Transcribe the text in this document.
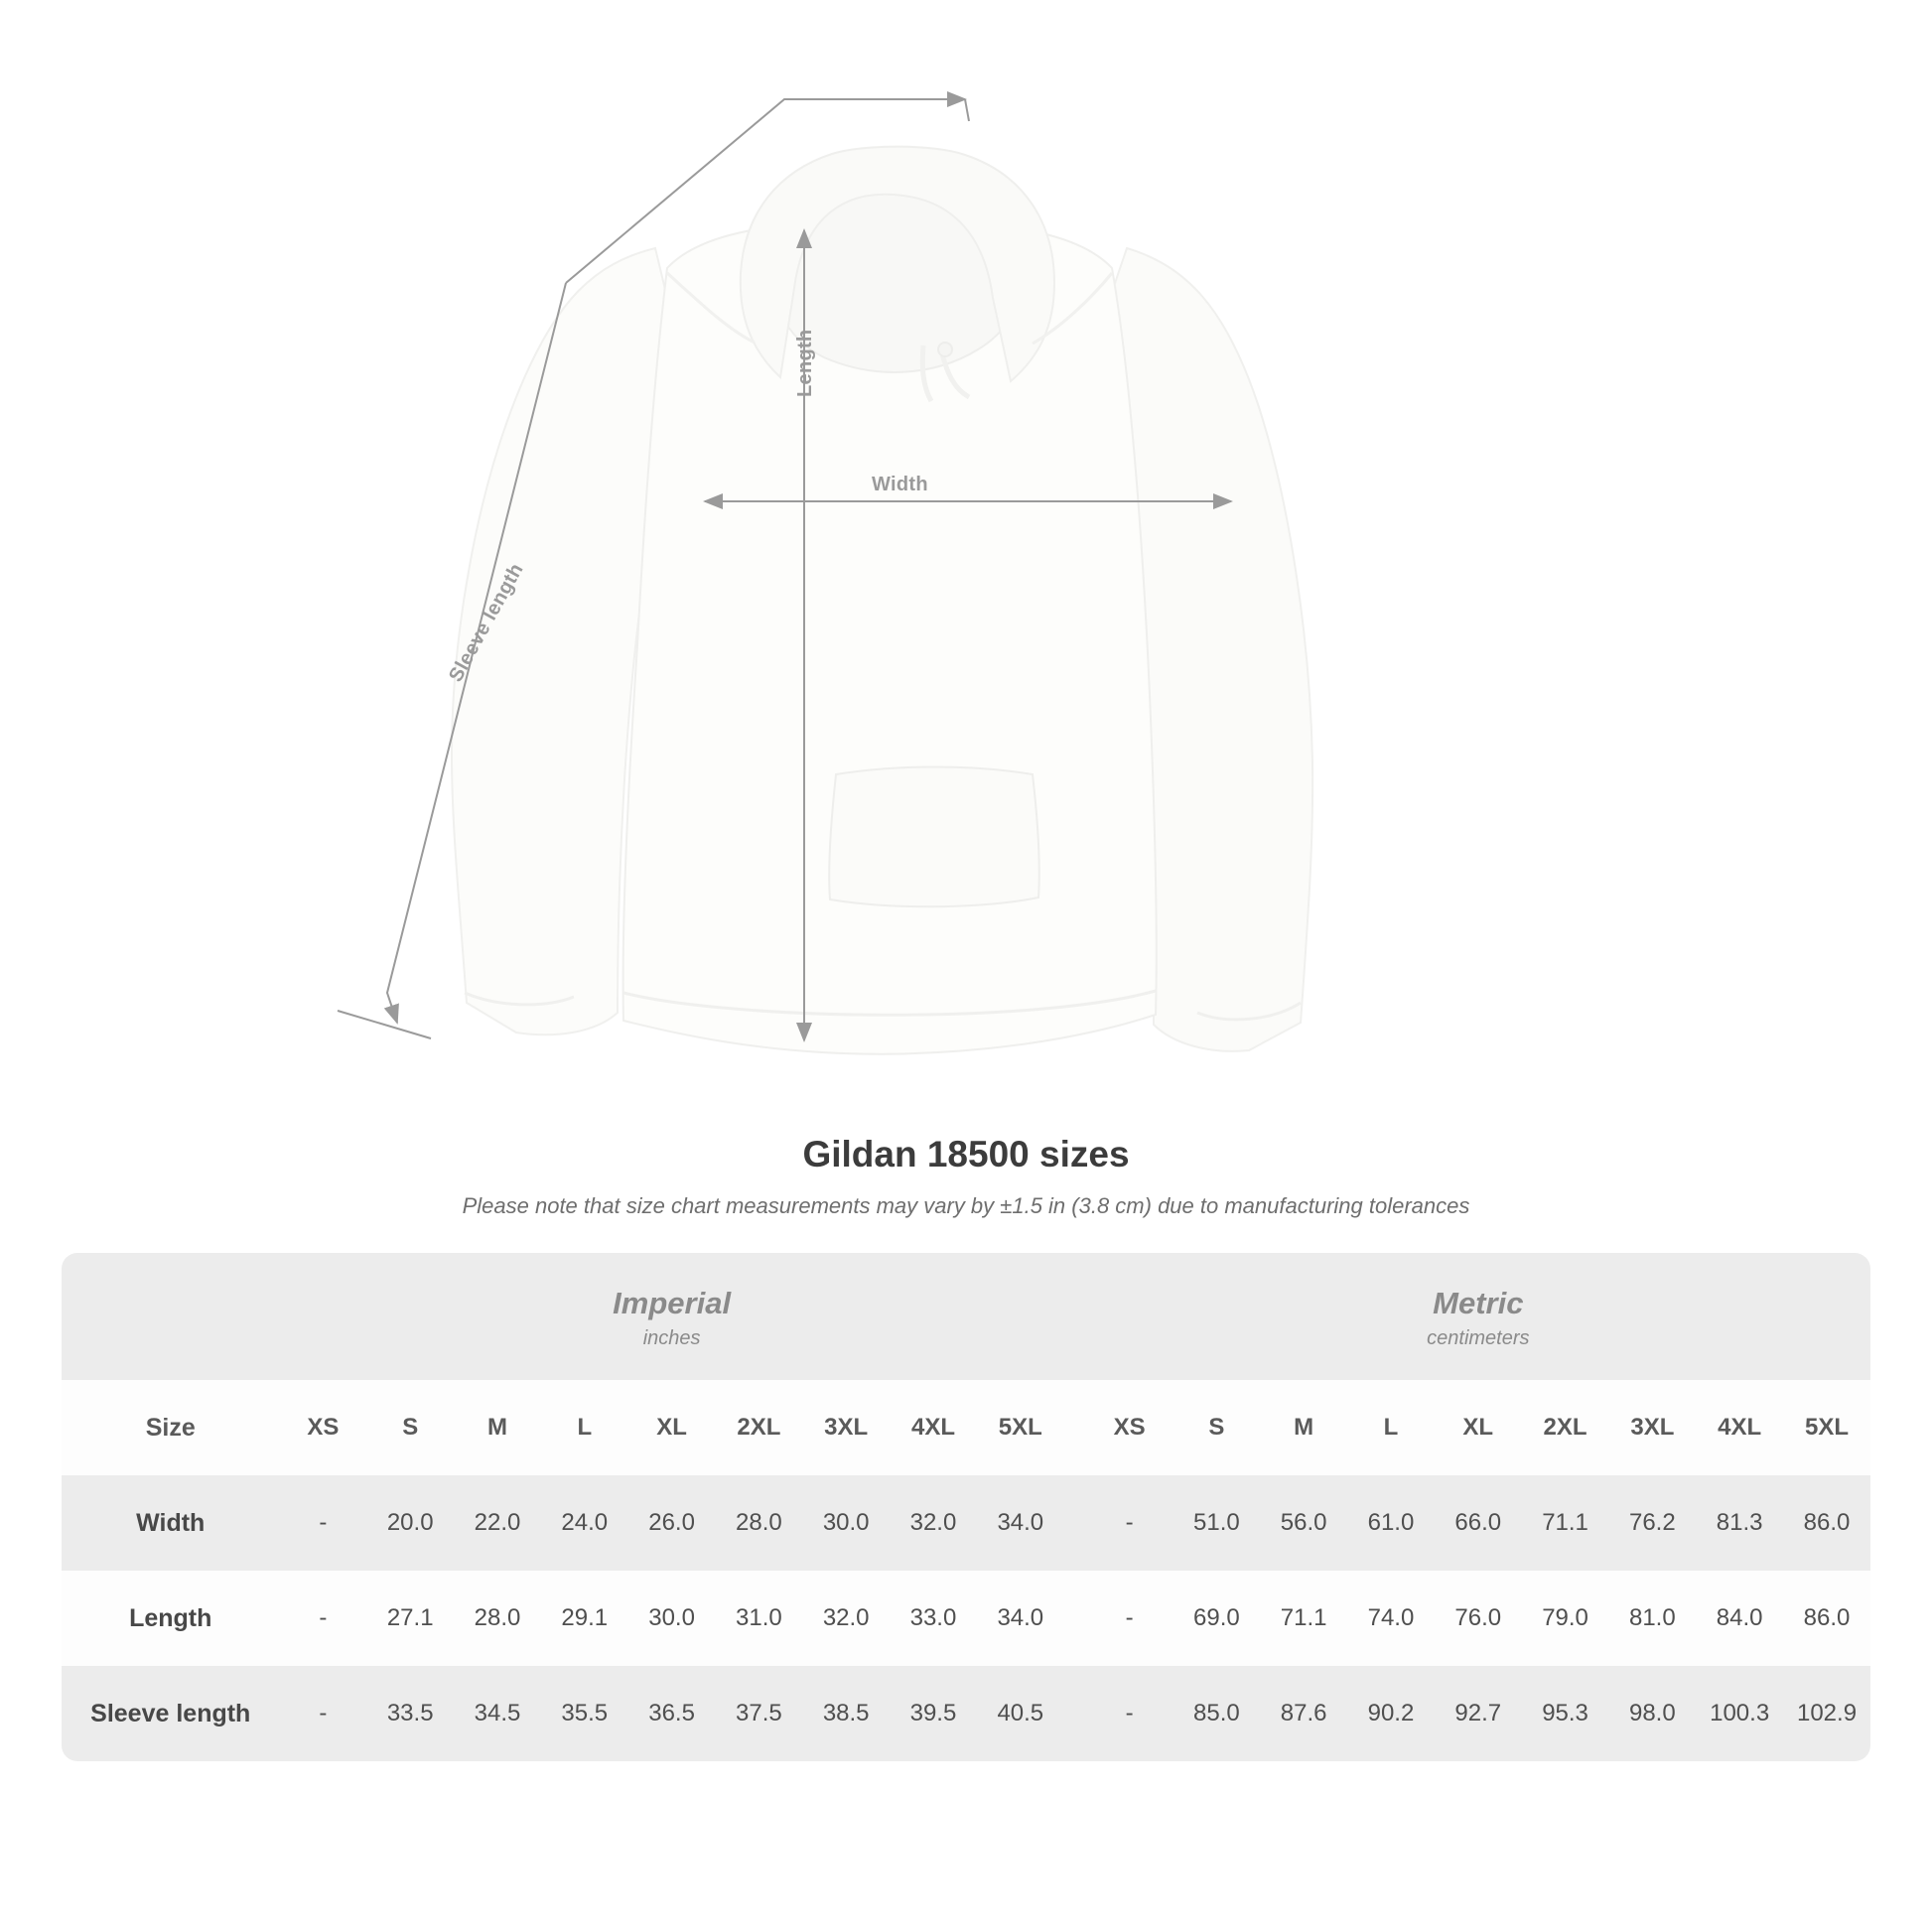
Width
Length
Sleeve length
Gildan 18500 sizes

Please note that size chart measurements may vary by ±1.5 in (3.8 cm) due to manufacturing tolerances

Imperial
inches

Metric
centimeters

Size	XS	S	M	L	XL	2XL	3XL	4XL	5XL		XS	S	M	L	XL	2XL	3XL	4XL	5XL
Width	-	20.0	22.0	24.0	26.0	28.0	30.0	32.0	34.0		-	51.0	56.0	61.0	66.0	71.1	76.2	81.3	86.0
Length	-	27.1	28.0	29.1	30.0	31.0	32.0	33.0	34.0		-	69.0	71.1	74.0	76.0	79.0	81.0	84.0	86.0
Sleeve length	-	33.5	34.5	35.5	36.5	37.5	38.5	39.5	40.5		-	85.0	87.6	90.2	92.7	95.3	98.0	100.3	102.9
